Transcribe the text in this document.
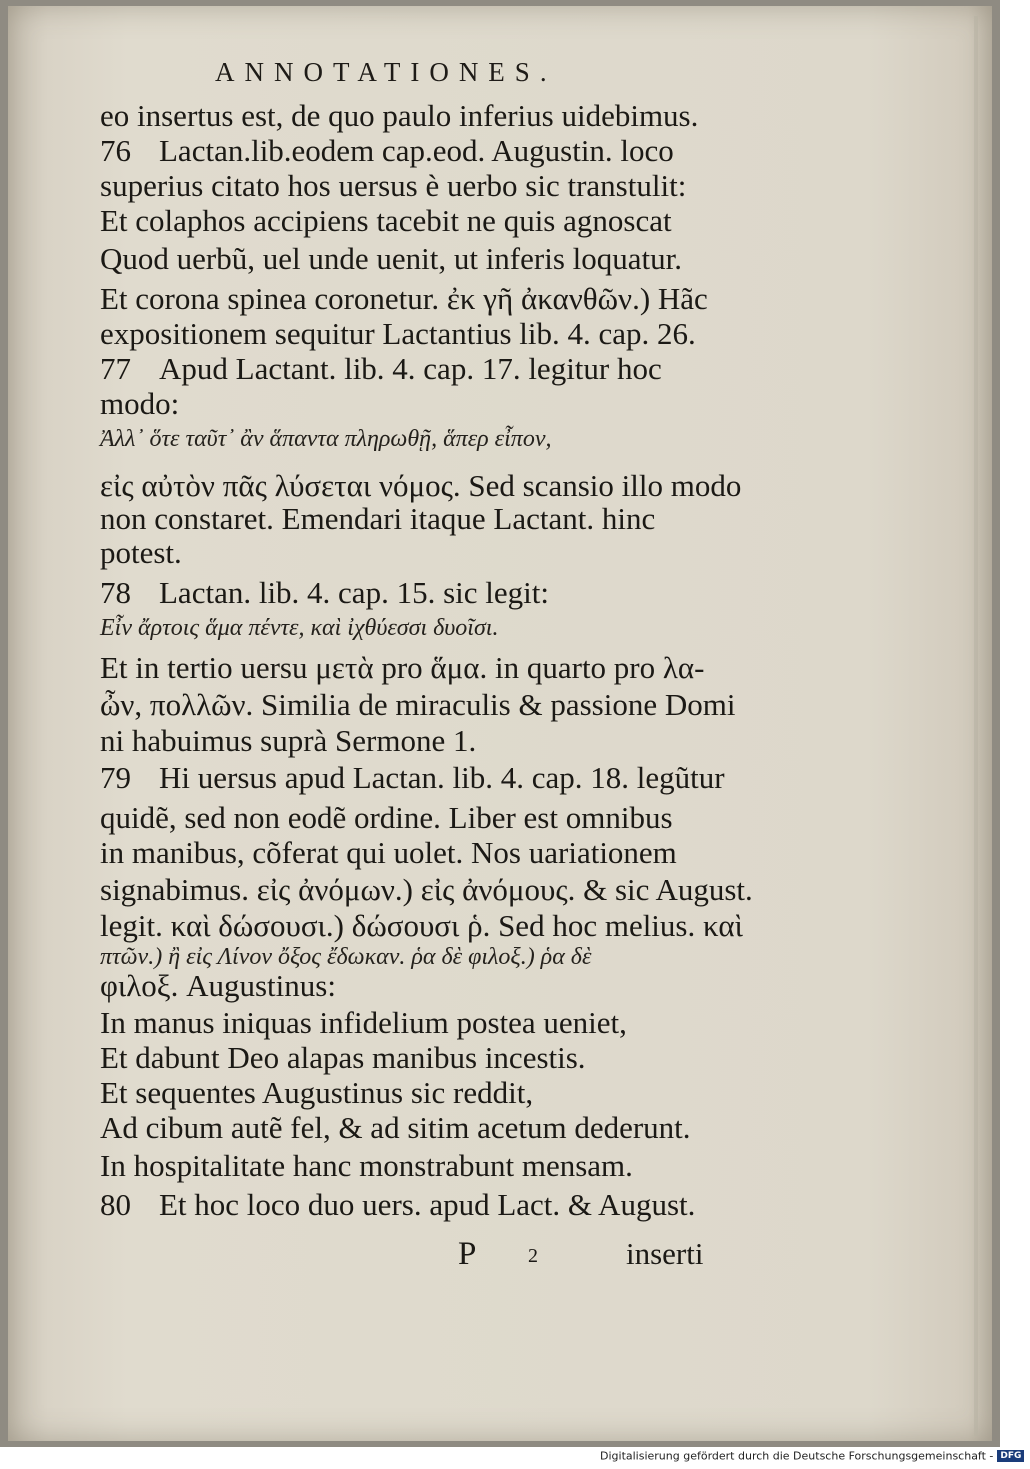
ANNOTATIONES.
eo insertus est, de quo paulo inferius uidebimus.
76 Lactan.lib.eodem cap.eod. Augustin. loco
superius citato hos uersus è uerbo sic transtulit:
Et colaphos accipiens tacebit ne quis agnoscat
Quod uerbũ, uel unde uenit, ut inferis loquatur.
Et corona spinea coronetur. ἐκ γῆ ἀκανθῶν.) Hãc
expositionem sequitur Lactantius lib. 4. cap. 26.
77 Apud Lactant. lib. 4. cap. 17. legitur hoc
modo:
Ἀλλ᾽ ὅτε ταῦτ᾽ ἂν ἅπαντα πληρωθῇ, ἅπερ εἶπον,
εἰς αὐτὸν πᾶς λύσεται νόμος. Sed scansio illo modo
non constaret. Emendari itaque Lactant. hinc
potest.
78 Lactan. lib. 4. cap. 15. sic legit:
Εἶν ἄρτοις ἅμα πέντε, καὶ ἰχθύεσσι δυοῖσι.
Et in tertio uersu μετὰ pro ἅμα. in quarto pro λα-
ὦν, πολλῶν. Similia de miraculis & passione Domi
ni habuimus suprà Sermone 1.
79 Hi uersus apud Lactan. lib. 4. cap. 18. legũtur
quidẽ, sed non eodẽ ordine. Liber est omnibus
in manibus, cõferat qui uolet. Nos uariationem
signabimus. εἰς ἀνόμων.) εἰς ἀνόμους. & sic August.
legit. καὶ δώσουσι.) δώσουσι ῥ. Sed hoc melius. καὶ
πτῶν.) ἢ εἰς Λίνον ὄξος ἔδωκαν. ῥα δὲ φιλοξ.) ῥα δὲ
φιλοξ. Augustinus:
In manus iniquas infidelium postea ueniet,
Et dabunt Deo alapas manibus incestis.
Et sequentes Augustinus sic reddit,
Ad cibum autẽ fel, & ad sitim acetum dederunt.
In hospitalitate hanc monstrabunt mensam.
80 Et hoc loco duo uers. apud Lact. & August.
P	2	inserti
Digitalisierung gefördert durch die Deutsche Forschungsgemeinschaft - DFG
